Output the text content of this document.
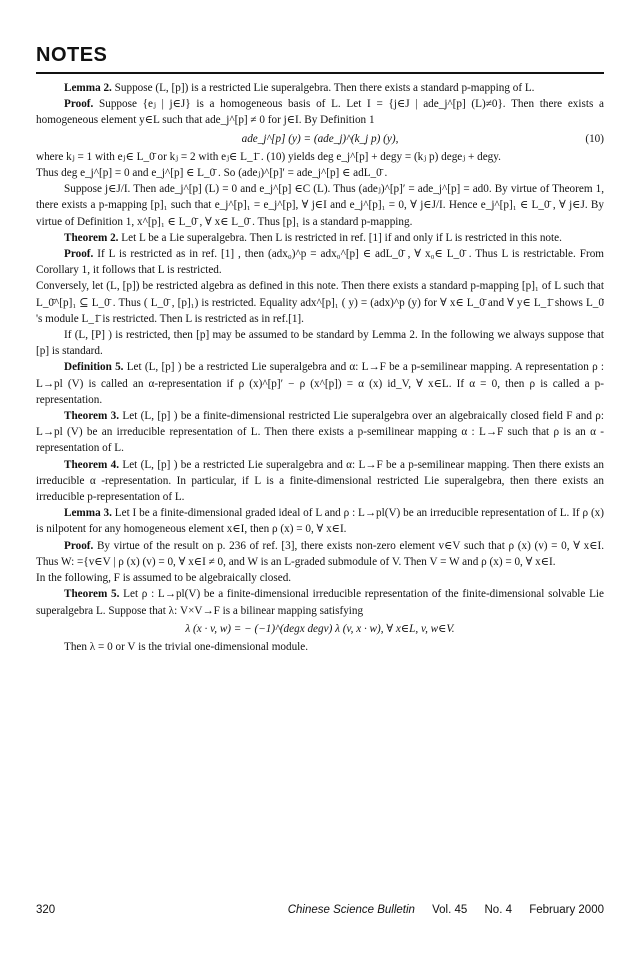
NOTES

Lemma 2. Suppose (L, [p]) is a restricted Lie superalgebra. Then there exists a standard p-mapping of L.

Proof. Suppose {eⱼ | j∈J} is a homogeneous basis of L. Let I = {j∈J | ade_j^[p] (L)≠0}. Then there exists a homogeneous element y∈L such that ade_j^[p] ≠ 0 for j∈I. By Definition 1

ade_j^[p] (y) = (ade_j)^(k_j p) (y),	(10)

where kⱼ = 1 with eⱼ∈ L_0̄ or kⱼ = 2 with eⱼ∈ L_1̄ . (10) yields deg e_j^[p] + degy = (kⱼ p) degeⱼ + degy.

Thus deg e_j^[p] = 0 and e_j^[p] ∈ L_0̄ . So (adeⱼ)^[p]′ = ade_j^[p] ∈ adL_0̄ .

Suppose j∈J/I. Then ade_j^[p] (L) = 0 and e_j^[p] ∈C (L). Thus (adeⱼ)^[p]′ = ade_j^[p] = ad0. By virtue of Theorem 1, there exists a p-mapping [p]₁ such that e_j^[p]₁ = e_j^[p], ∀ j∈I and e_j^[p]₁ = 0, ∀ j∈J/I. Hence e_j^[p]₁ ∈ L_0̄ , ∀ j∈J. By virtue of Definition 1, x^[p]₁ ∈ L_0̄ , ∀ x∈ L_0̄ . Thus [p]₁ is a standard p-mapping.

Theorem 2. Let L be a Lie superalgebra. Then L is restricted in ref. [1] if and only if L is restricted in this note.

Proof. If L is restricted as in ref. [1] , then (adx₀)^p = adx₀^[p] ∈ adL_0̄ , ∀ x₀∈ L_0̄ . Thus L is restrictable. From Corollary 1, it follows that L is restricted.

Conversely, let (L, [p]) be restricted algebra as defined in this note. Then there exists a standard p-mapping [p]₁ of L such that L_0̄^[p]₁ ⊆ L_0̄ . Thus ( L_0̄ , [p]₁) is restricted. Equality adx^[p]₁ ( y) = (adx)^p (y) for ∀ x∈ L_0̄ and ∀ y∈ L_1̄ shows L_0̄ 's module L_1̄ is restricted. Then L is restricted as in ref.[1].

If (L, [P] ) is restricted, then [p] may be assumed to be standard by Lemma 2. In the following we always suppose that [p] is standard.

Definition 5. Let (L, [p] ) be a restricted Lie superalgebra and α: L→F be a p-semilinear mapping. A representation ρ : L→pl (V) is called an α-representation if ρ (x)^[p]′ − ρ (x^[p]) = α (x) id_V, ∀ x∈L. If α = 0, then ρ is called a p-representation.

Theorem 3. Let (L, [p] ) be a finite-dimensional restricted Lie superalgebra over an algebraically closed field F and ρ: L→pl (V) be an irreducible representation of L. Then there exists a p-semilinear mapping α : L→F such that ρ is an α -representation of L.

Theorem 4. Let (L, [p] ) be a restricted Lie superalgebra and α: L→F be a p-semilinear mapping. Then there exists an irreducible α -representation. In particular, if L is a finite-dimensional restricted Lie superalgebra, then there exists an irreducible p-representation of L.

Lemma 3. Let I be a finite-dimensional graded ideal of L and ρ : L→pl(V) be an irreducible representation of L. If ρ (x) is nilpotent for any homogeneous element x∈I, then ρ (x) = 0, ∀ x∈I.

Proof. By virtue of the result on p. 236 of ref. [3], there exists non-zero element v∈V such that ρ (x) (v) = 0, ∀ x∈I. Thus W: ={v∈V | ρ (x) (v) = 0, ∀ x∈I ≠ 0, and W is an L-graded submodule of V. Then V = W and ρ (x) = 0, ∀ x∈I.

In the following, F is assumed to be algebraically closed.

Theorem 5. Let ρ : L→pl(V) be a finite-dimensional irreducible representation of the finite-dimensional solvable Lie superalgebra L. Suppose that λ: V×V→F is a bilinear mapping satisfying

λ (x · v, w) = − (−1)^(degx degv) λ (v, x · w), ∀ x∈L, v, w∈V.

Then λ = 0 or V is the trivial one-dimensional module.

320	Chinese Science Bulletin Vol. 45 No. 4 February 2000
